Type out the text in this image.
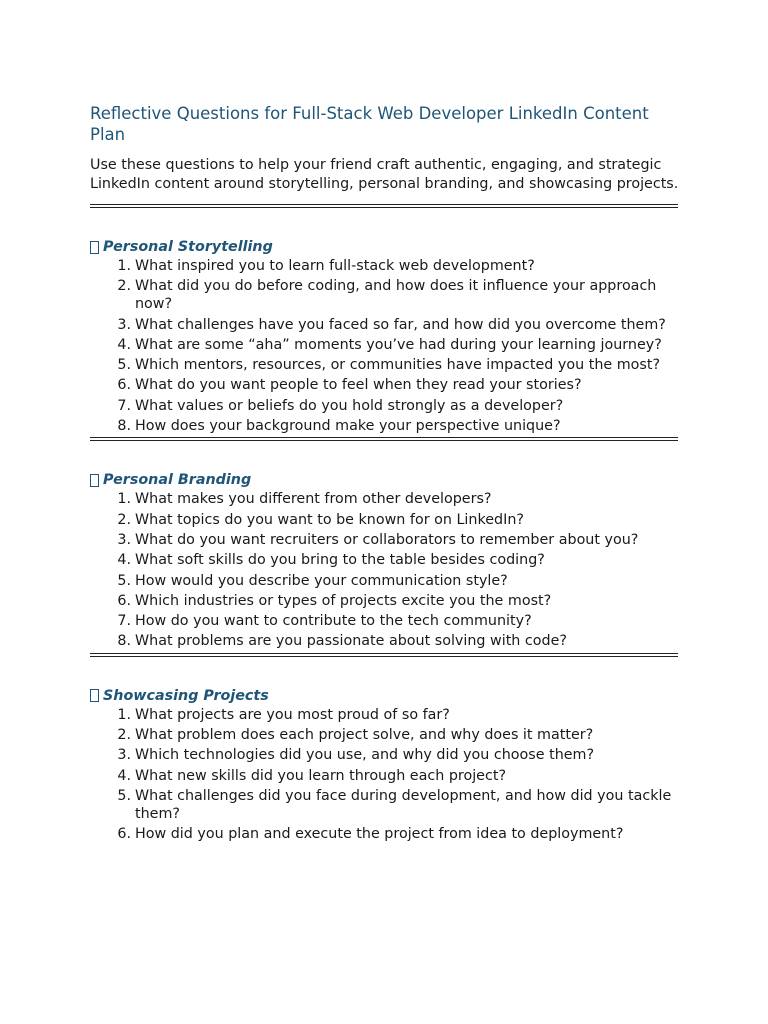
Reflective Questions for Full-Stack Web Developer LinkedIn Content Plan

Use these questions to help your friend craft authentic, engaging, and strategic LinkedIn content around storytelling, personal branding, and showcasing projects.

Personal Storytelling
1. What inspired you to learn full-stack web development?
2. What did you do before coding, and how does it influence your approach now?
3. What challenges have you faced so far, and how did you overcome them?
4. What are some “aha” moments you’ve had during your learning journey?
5. Which mentors, resources, or communities have impacted you the most?
6. What do you want people to feel when they read your stories?
7. What values or beliefs do you hold strongly as a developer?
8. How does your background make your perspective unique?
Personal Branding
1. What makes you different from other developers?
2. What topics do you want to be known for on LinkedIn?
3. What do you want recruiters or collaborators to remember about you?
4. What soft skills do you bring to the table besides coding?
5. How would you describe your communication style?
6. Which industries or types of projects excite you the most?
7. How do you want to contribute to the tech community?
8. What problems are you passionate about solving with code?
Showcasing Projects
1. What projects are you most proud of so far?
2. What problem does each project solve, and why does it matter?
3. Which technologies did you use, and why did you choose them?
4. What new skills did you learn through each project?
5. What challenges did you face during development, and how did you tackle them?
6. How did you plan and execute the project from idea to deployment?
